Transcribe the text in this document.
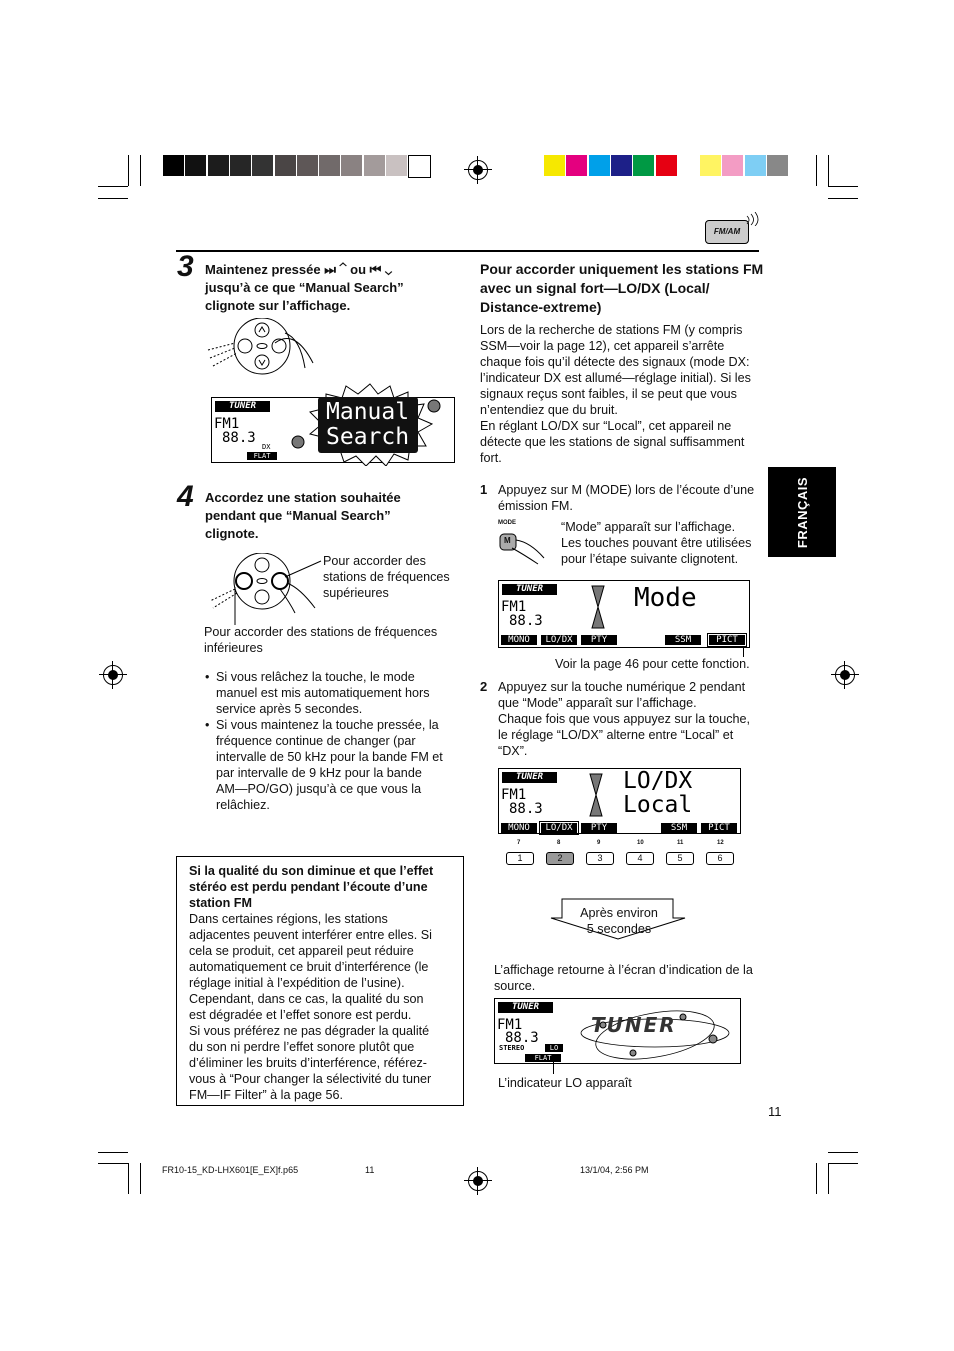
FM/AM
FRANÇAIS
3 Maintenez pressée ⏭ ⌃ ou ⏮ ⌄
jusqu’à ce que “Manual Search”
clignote sur l’affichage.
TUNER
FM1
88.3
DX
FLAT
Manual
Search
4 Accordez une station souhaitée
pendant que “Manual Search”
clignote.
Pour accorder des
stations de fréquences
supérieures
Pour accorder des stations de fréquences
inférieures
• Si vous relâchez la touche, le mode
manuel est mis automatiquement hors
service après 5 secondes.
• Si vous maintenez la touche pressée, la
fréquence continue de changer (par
intervalle de 50 kHz pour la bande FM et
par intervalle de 9 kHz pour la bande
AM—PO/GO) jusqu’à ce que vous la
relâchiez.
Si la qualité du son diminue et que l’effet
stéréo est perdu pendant l’écoute d’une
station FM
Dans certaines régions, les stations
adjacentes peuvent interférer entre elles. Si
cela se produit, cet appareil peut réduire
automatiquement ce bruit d’interférence (le
réglage initial à l’expédition de l’usine).
Cependant, dans ce cas, la qualité du son
est dégradée et l’effet sonore est perdu.
Si vous préférez ne pas dégrader la qualité
du son ni perdre l’effet sonore plutôt que
d’éliminer les bruits d’interférence, référez-
vous à “Pour changer la sélectivité du tuner
FM—IF Filter” à la page 56.
Pour accorder uniquement les stations FM
avec un signal fort—LO/DX (Local/
Distance-extreme)
Lors de la recherche de stations FM (y compris
SSM—voir la page 12), cet appareil s’arrête
chaque fois qu’il détecte des signaux (mode DX:
l’indicateur DX est allumé—réglage initial). Si les
signaux reçus sont faibles, il se peut que vous
n’entendiez que du bruit.
En réglant LO/DX sur “Local”, cet appareil ne
détecte que les stations de signal suffisamment
fort.
1 Appuyez sur M (MODE) lors de l’écoute d’une
émission FM.
MODE
M
“Mode” apparaît sur l’affichage.
Les touches pouvant être utilisées
pour l’étape suivante clignotent.
TUNER
FM1
88.3
Mode
MONO	LO/DX	PTY	SSM	PICT
Voir la page 46 pour cette fonction.
2 Appuyez sur la touche numérique 2 pendant
que “Mode” apparaît sur l’affichage.
Chaque fois que vous appuyez sur la touche,
le réglage “LO/DX” alterne entre “Local” et
“DX”.
TUNER
FM1
88.3
LO/DX
Local
MONO	LO/DX	PTY	SSM	PICT
7	8	9	10	11	12
1	2	3	4	5	6
Après environ
5 secondes
L’affichage retourne à l’écran d’indication de la
source.
TUNER
FM1
88.3
STEREO	LO
FLAT
TUNER
L’indicateur LO apparaît
11
FR10-15_KD-LHX601[E_EX]f.p65	11	13/1/04, 2:56 PM
